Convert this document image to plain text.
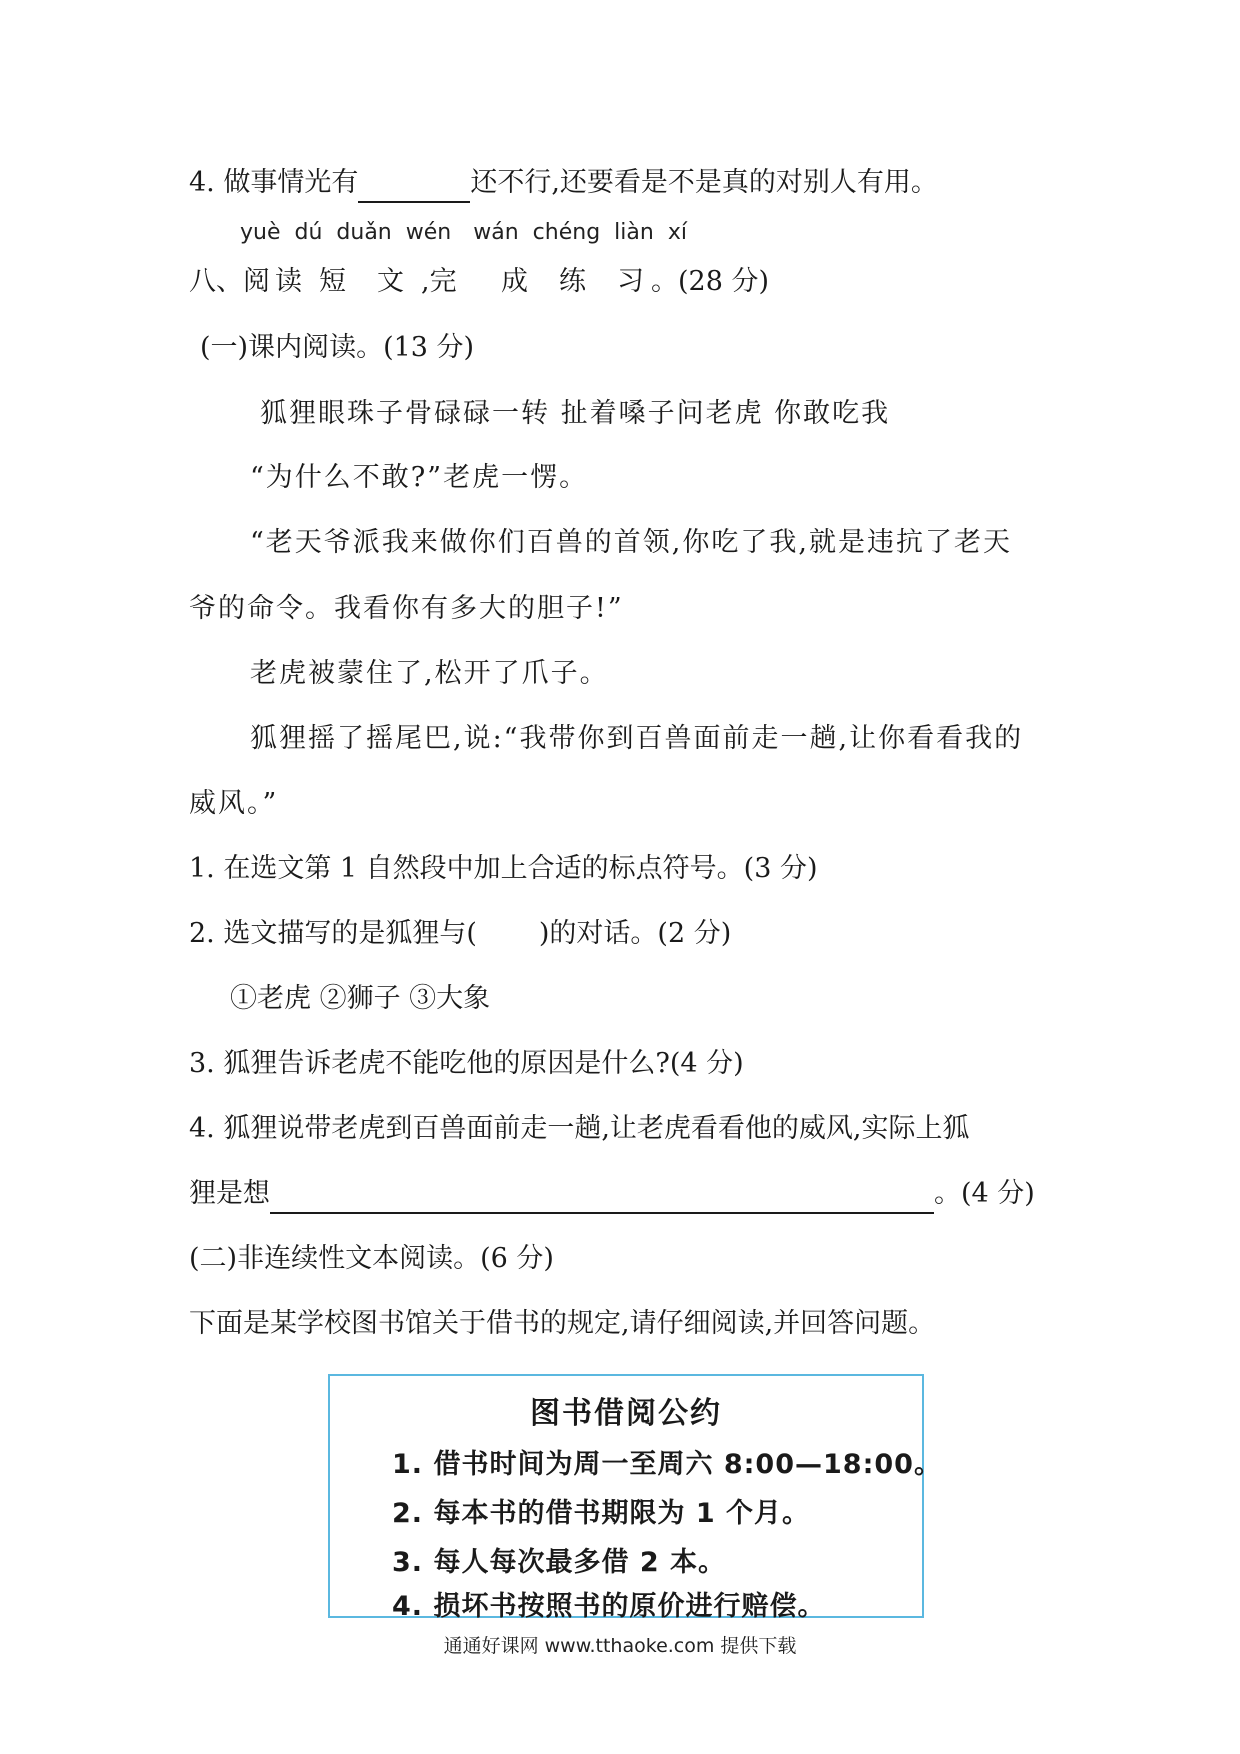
4. 做事情光有	还不行,还要看是不是真的对别人有用。
yuè dú duǎn wén wán chéng liàn xí
八、阅 读 短 文 ,完 成 练 习 。(28 分)
(一)课内阅读。(13 分)
狐狸眼珠子骨碌碌一转 扯着嗓子问老虎 你敢吃我
“为什么不敢?”老虎一愣。
“老天爷派我来做你们百兽的首领,你吃了我,就是违抗了老天
爷的命令。我看你有多大的胆子!”
老虎被蒙住了,松开了爪子。
狐狸摇了摇尾巴,说:“我带你到百兽面前走一趟,让你看看我的
威风。”
1. 在选文第 1 自然段中加上合适的标点符号。(3 分)
2. 选文描写的是狐狸与( )的对话。(2 分)
①老虎 ②狮子 ③大象
3. 狐狸告诉老虎不能吃他的原因是什么?(4 分)
4. 狐狸说带老虎到百兽面前走一趟,让老虎看看他的威风,实际上狐
狸是想	。(4 分)
(二)非连续性文本阅读。(6 分)
下面是某学校图书馆关于借书的规定,请仔细阅读,并回答问题。
图书借阅公约
1. 借书时间为周一至周六 8:00—18:00。
2. 每本书的借书期限为 1 个月。
3. 每人每次最多借 2 本。
4. 损坏书按照书的原价进行赔偿。
通通好课网 www.tthaoke.com 提供下载
